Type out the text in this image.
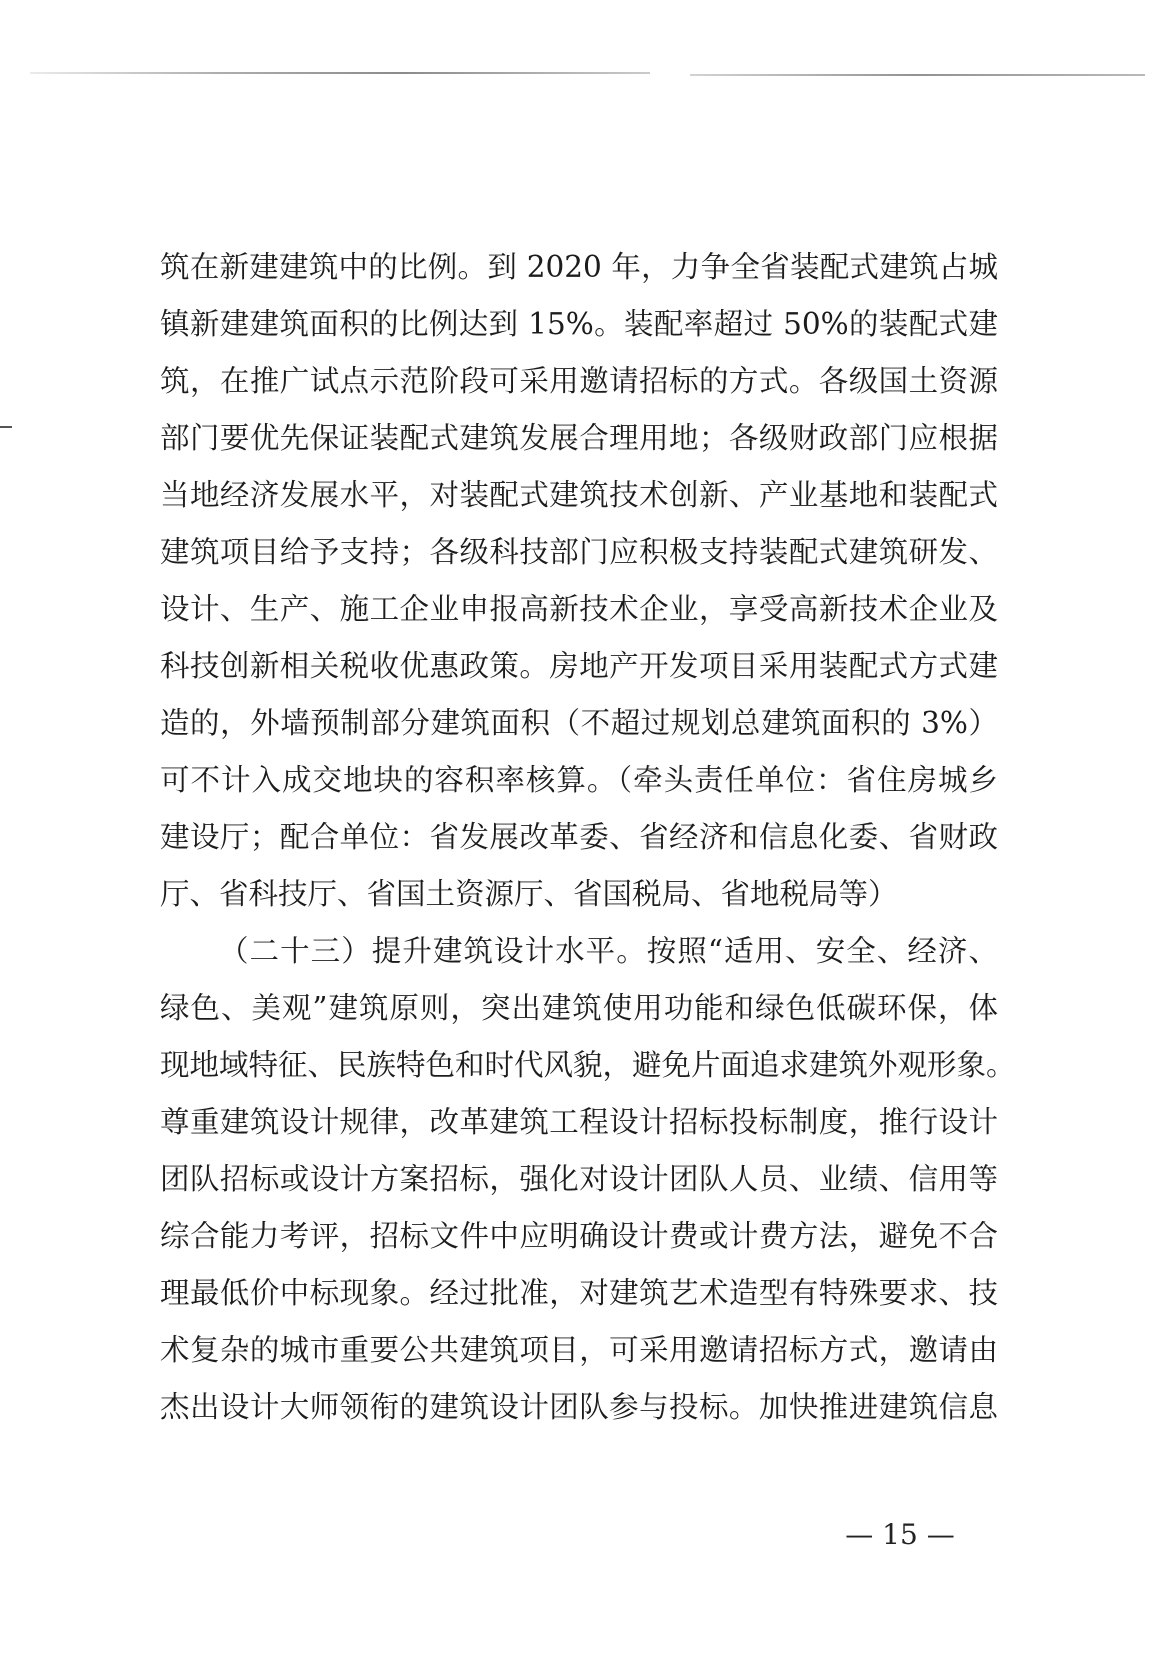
筑在新建建筑中的比例。到 2020 年，力争全省装配式建筑占城
镇新建建筑面积的比例达到 15%。装配率超过 50%的装配式建
筑，在推广试点示范阶段可采用邀请招标的方式。各级国土资源
部门要优先保证装配式建筑发展合理用地；各级财政部门应根据
当地经济发展水平，对装配式建筑技术创新、产业基地和装配式
建筑项目给予支持；各级科技部门应积极支持装配式建筑研发、
设计、生产、施工企业申报高新技术企业，享受高新技术企业及
科技创新相关税收优惠政策。房地产开发项目采用装配式方式建
造的，外墙预制部分建筑面积（不超过规划总建筑面积的 3%）
可不计入成交地块的容积率核算。（牵头责任单位：省住房城乡
建设厅；配合单位：省发展改革委、省经济和信息化委、省财政
厅、省科技厅、省国土资源厅、省国税局、省地税局等）
（二十三）提升建筑设计水平。按照“适用、安全、经济、
绿色、美观”建筑原则，突出建筑使用功能和绿色低碳环保，体
现地域特征、民族特色和时代风貌，避免片面追求建筑外观形象。
尊重建筑设计规律，改革建筑工程设计招标投标制度，推行设计
团队招标或设计方案招标，强化对设计团队人员、业绩、信用等
综合能力考评，招标文件中应明确设计费或计费方法，避免不合
理最低价中标现象。经过批准，对建筑艺术造型有特殊要求、技
术复杂的城市重要公共建筑项目，可采用邀请招标方式，邀请由
杰出设计大师领衔的建筑设计团队参与投标。加快推进建筑信息
— 15 —
